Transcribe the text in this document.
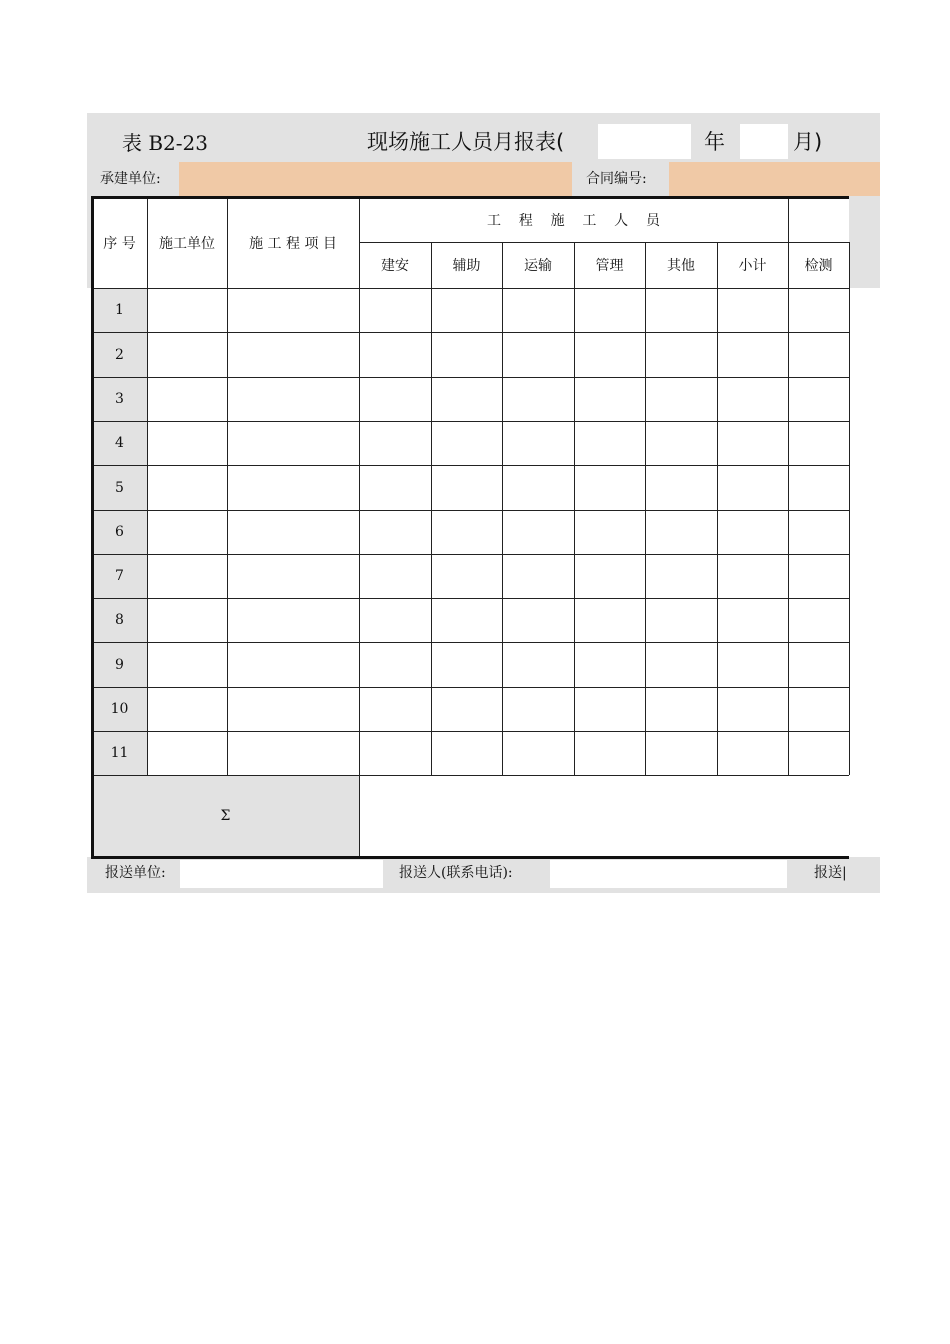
表 B2-23	现场施工人员月报表(	年	月)
承建单位:	合同编号:
序 号	施工单位	施 工 程 项 目
工    程    施    工    人    员
建安	辅助	运输	管理	其他	小计	检测
1
2
3
4
5
6
7
8
9
10
11
Σ
报送单位:	报送人(联系电话):	报送|
